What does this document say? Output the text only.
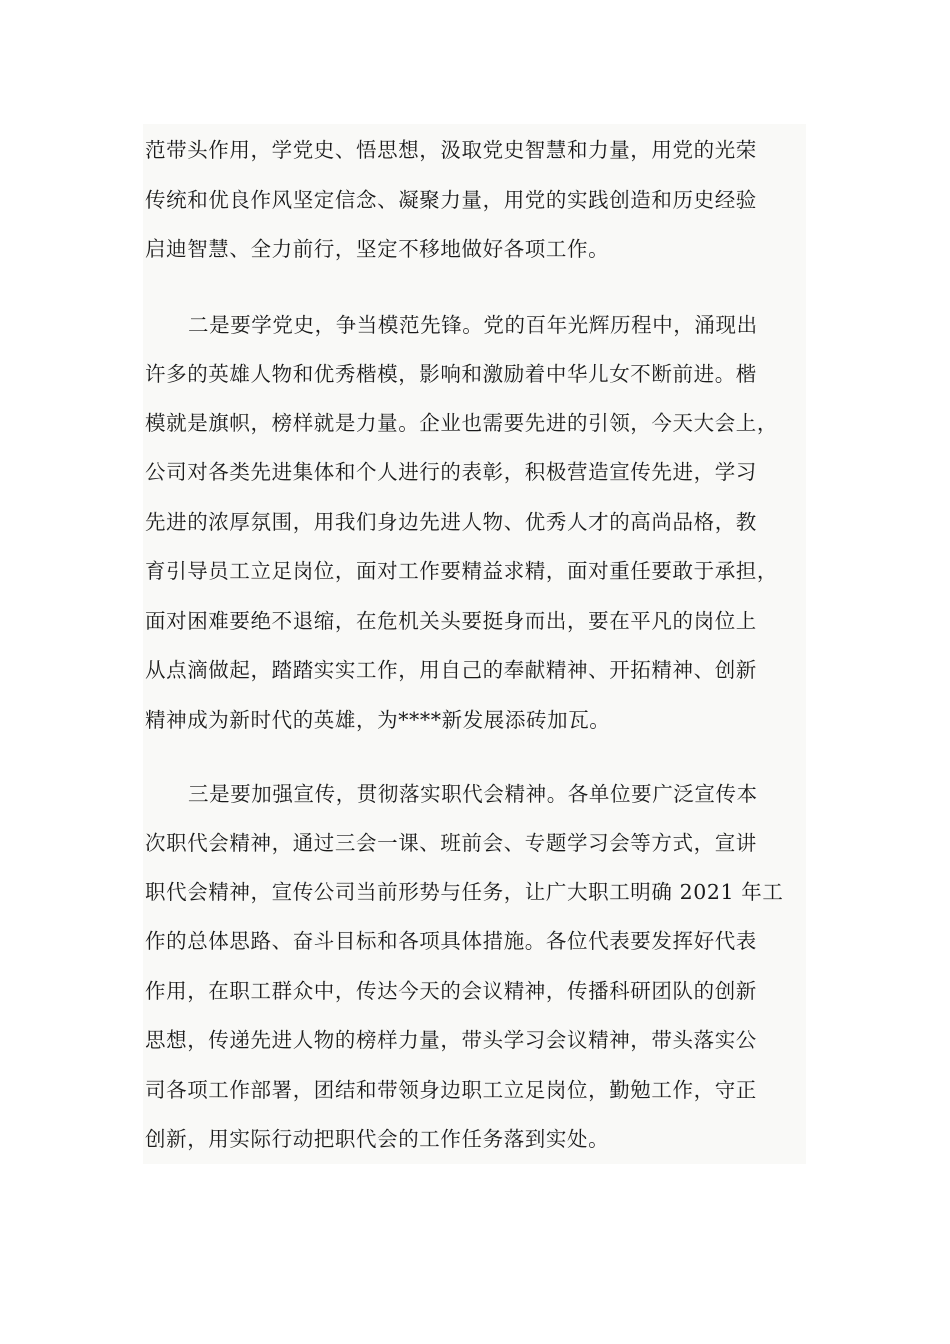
范带头作用，学党史、悟思想，汲取党史智慧和力量，用党的光荣
传统和优良作风坚定信念、凝聚力量，用党的实践创造和历史经验
启迪智慧、全力前行，坚定不移地做好各项工作。
二是要学党史，争当模范先锋。党的百年光辉历程中，涌现出
许多的英雄人物和优秀楷模，影响和激励着中华儿女不断前进。楷
模就是旗帜，榜样就是力量。企业也需要先进的引领，今天大会上，
公司对各类先进集体和个人进行的表彰，积极营造宣传先进，学习
先进的浓厚氛围，用我们身边先进人物、优秀人才的高尚品格，教
育引导员工立足岗位，面对工作要精益求精，面对重任要敢于承担，
面对困难要绝不退缩，在危机关头要挺身而出，要在平凡的岗位上
从点滴做起，踏踏实实工作，用自己的奉献精神、开拓精神、创新
精神成为新时代的英雄，为****新发展添砖加瓦。
三是要加强宣传，贯彻落实职代会精神。各单位要广泛宣传本
次职代会精神，通过三会一课、班前会、专题学习会等方式，宣讲
职代会精神，宣传公司当前形势与任务，让广大职工明确 2021 年工
作的总体思路、奋斗目标和各项具体措施。各位代表要发挥好代表
作用，在职工群众中，传达今天的会议精神，传播科研团队的创新
思想，传递先进人物的榜样力量，带头学习会议精神，带头落实公
司各项工作部署，团结和带领身边职工立足岗位，勤勉工作，守正
创新，用实际行动把职代会的工作任务落到实处。
